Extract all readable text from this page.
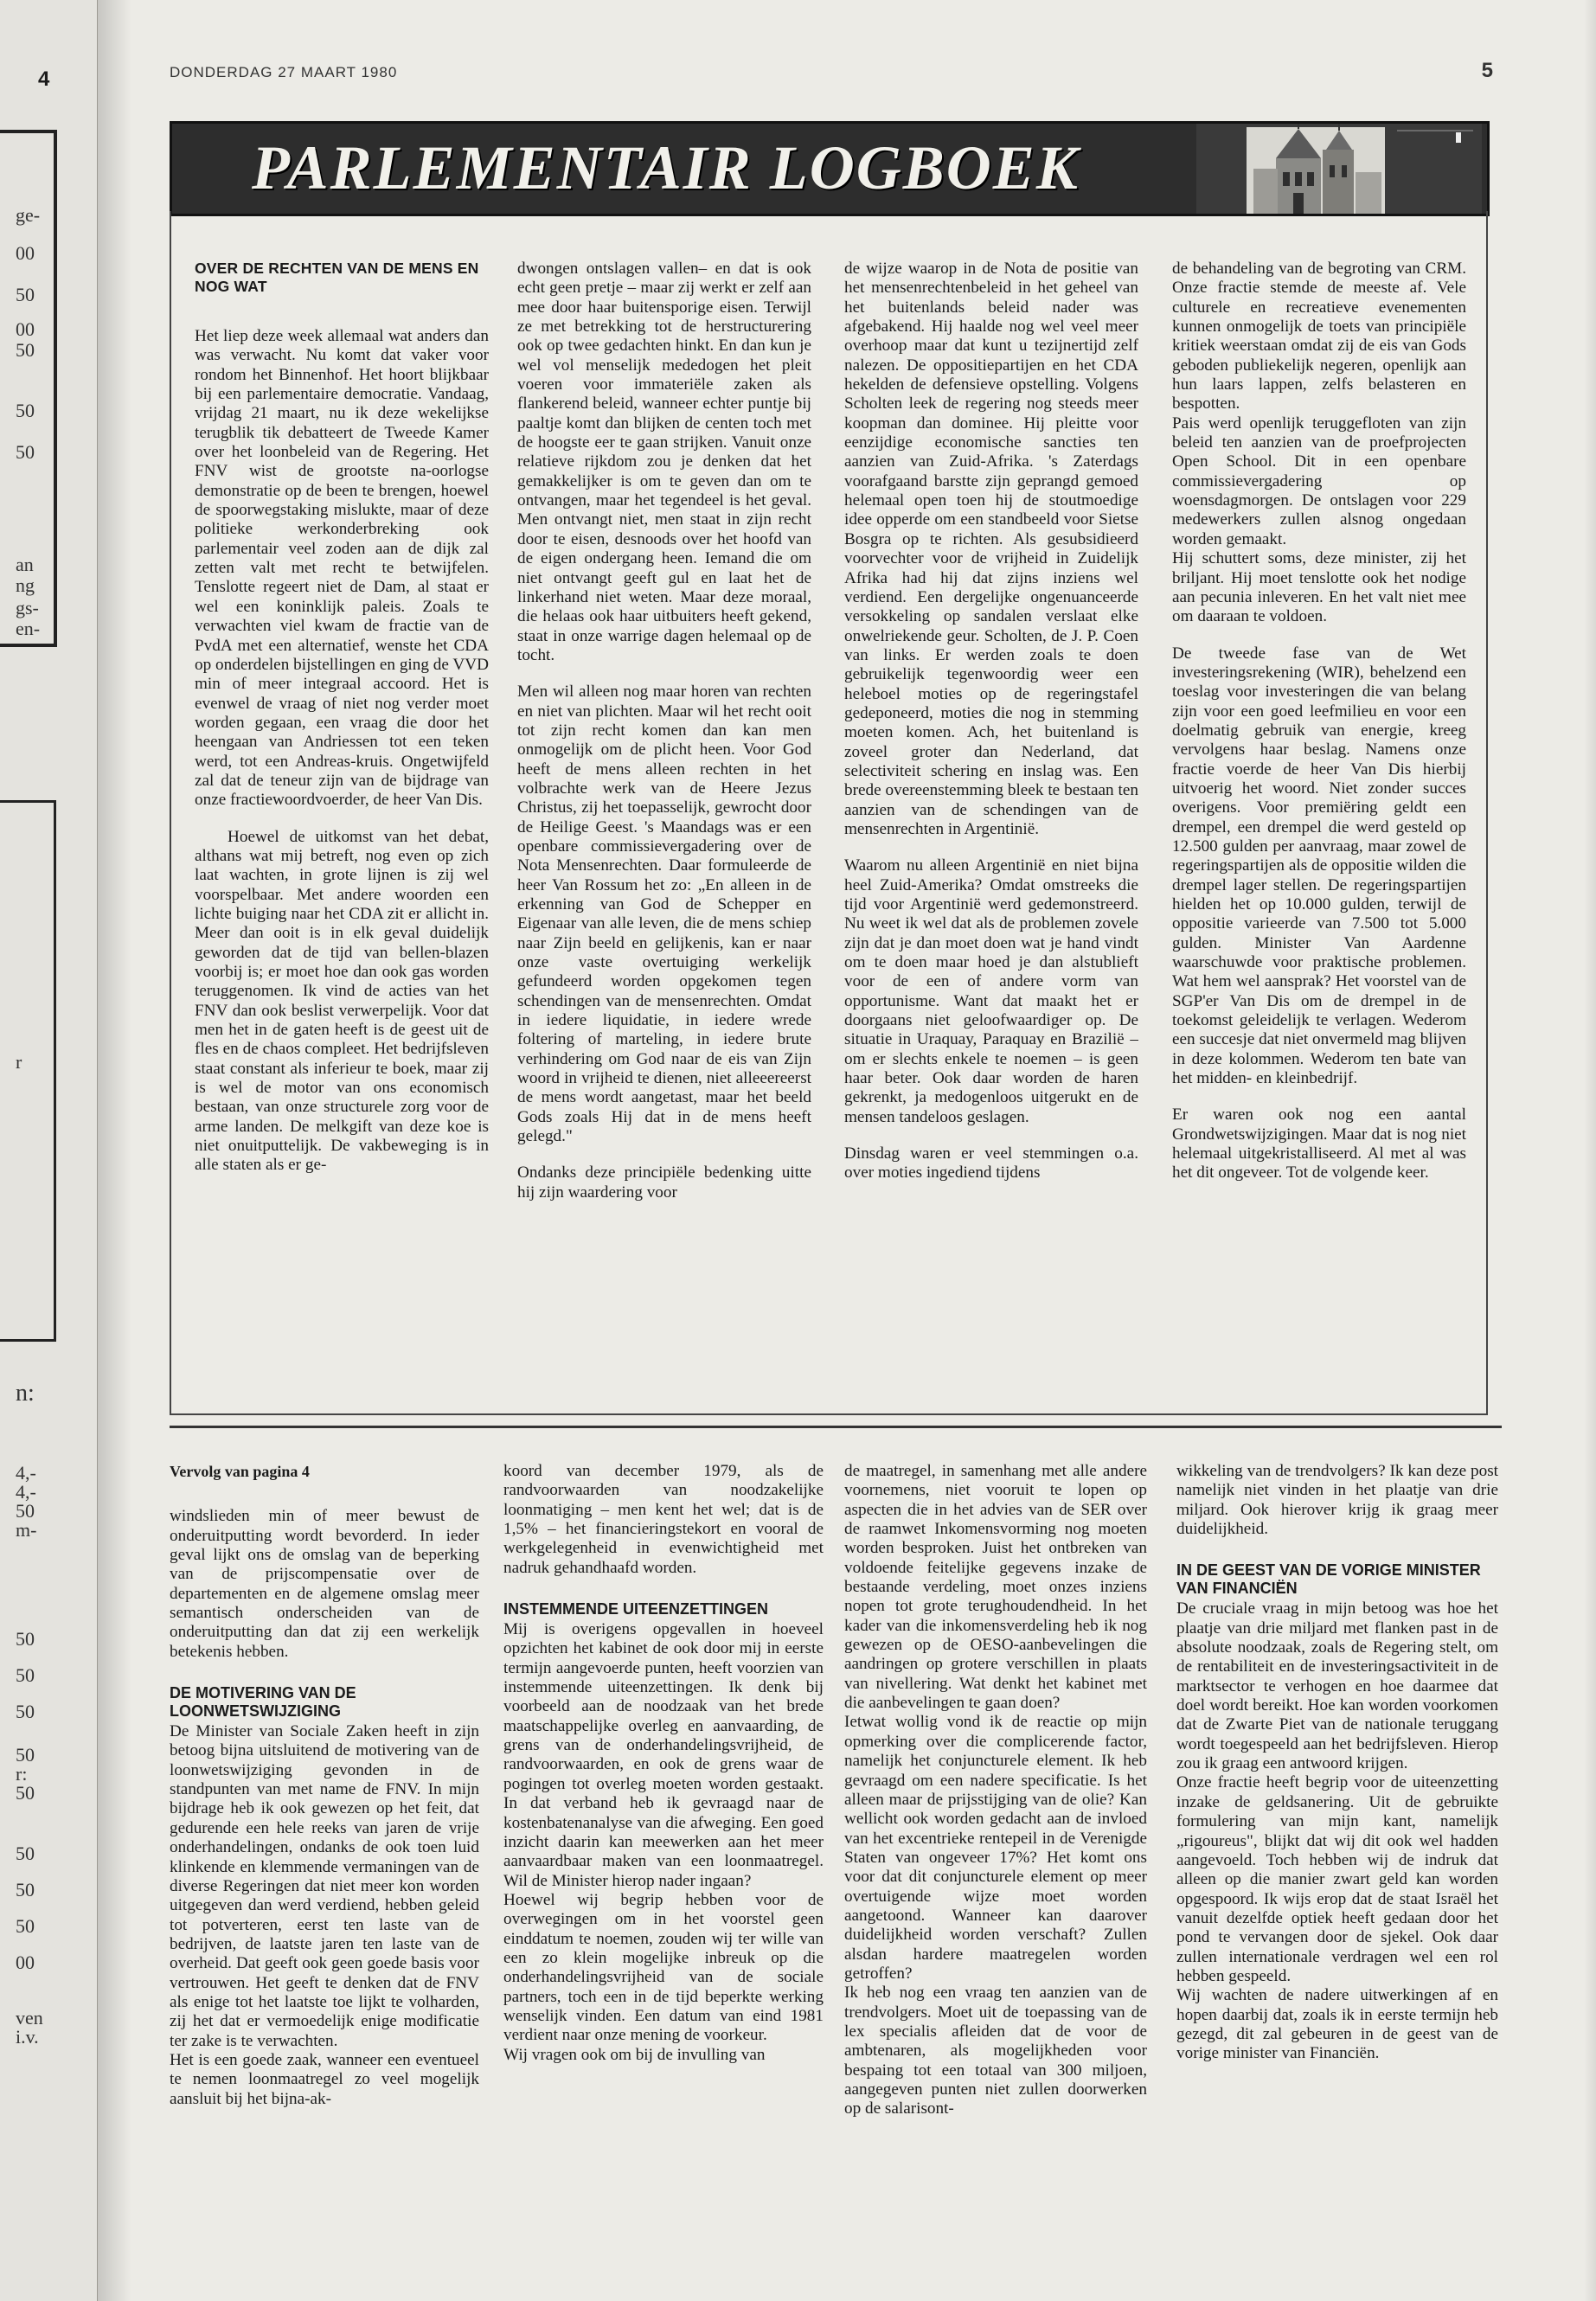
4
ge-
00
50
00
50
50
50
an
ng
gs-
en-
r
n:
4,-
4,-
50
m-
50
50
50
50
r:
50
50
50
50
00
ven
i.v.
DONDERDAG 27 MAART 1980	5
PARLEMENTAIR LOGBOEK
OVER DE RECHTEN VAN DE MENS EN NOG WAT

Het liep deze week allemaal wat anders dan was verwacht. Nu komt dat vaker voor rondom het Binnenhof. Het hoort blijkbaar bij een parlementaire democratie. Vandaag, vrijdag 21 maart, nu ik deze wekelijkse terugblik tik debatteert de Tweede Kamer over het loonbeleid van de Regering. Het FNV wist de grootste na-oorlogse demonstratie op de been te brengen, hoewel de spoorwegstaking mislukte, maar of deze politieke werkonderbreking ook parlementair veel zoden aan de dijk zal zetten valt met recht te betwijfelen. Tenslotte regeert niet de Dam, al staat er wel een koninklijk paleis. Zoals te verwachten viel kwam de fractie van de PvdA met een alternatief, wenste het CDA op onderdelen bijstellingen en ging de VVD min of meer integraal accoord. Het is evenwel de vraag of niet nog verder moet worden gegaan, een vraag die door het heengaan van Andriessen tot een teken werd, tot een Andreas-kruis. Ongetwijfeld zal dat de teneur zijn van de bijdrage van onze fractiewoordvoerder, de heer Van Dis.

Hoewel de uitkomst van het debat, althans wat mij betreft, nog even op zich laat wachten, in grote lijnen is zij wel voorspelbaar. Met andere woorden een lichte buiging naar het CDA zit er allicht in. Meer dan ooit is in elk geval duidelijk geworden dat de tijd van bellen-blazen voorbij is; er moet hoe dan ook gas worden teruggenomen. Ik vind de acties van het FNV dan ook beslist verwerpelijk. Voor dat men het in de gaten heeft is de geest uit de fles en de chaos compleet. Het bedrijfsleven staat constant als inferieur te boek, maar zij is wel de motor van ons economisch bestaan, van onze structurele zorg voor de arme landen. De melkgift van deze koe is niet onuitputtelijk. De vakbeweging is in alle staten als er ge-

dwongen ontslagen vallen– en dat is ook echt geen pretje – maar zij werkt er zelf aan mee door haar buitensporige eisen. Terwijl ze met betrekking tot de herstructurering ook op twee gedachten hinkt. En dan kun je wel vol menselijk mededogen het pleit voeren voor immateriële zaken als flankerend beleid, wanneer echter puntje bij paaltje komt dan blijken de centen toch met de hoogste eer te gaan strijken. Vanuit onze relatieve rijkdom zou je denken dat het gemakkelijker is om te geven dan om te ontvangen, maar het tegendeel is het geval. Men ontvangt niet, men staat in zijn recht door te eisen, desnoods over het hoofd van de eigen ondergang heen. Iemand die om niet ontvangt geeft gul en laat het de linkerhand niet weten. Maar deze moraal, die helaas ook haar uitbuiters heeft gekend, staat in onze warrige dagen helemaal op de tocht.

Men wil alleen nog maar horen van rechten en niet van plichten. Maar wil het recht ooit tot zijn recht komen dan kan men onmogelijk om de plicht heen. Voor God heeft de mens alleen rechten in het volbrachte werk van de Heere Jezus Christus, zij het toepasselijk, gewrocht door de Heilige Geest. 's Maandags was er een openbare commissievergadering over de Nota Mensenrechten. Daar formuleerde de heer Van Rossum het zo: „En alleen in de erkenning van God de Schepper en Eigenaar van alle leven, die de mens schiep naar Zijn beeld en gelijkenis, kan er naar onze vaste overtuiging werkelijk gefundeerd worden opgekomen tegen schendingen van de mensenrechten. Omdat in iedere liquidatie, in iedere wrede foltering of marteling, in iedere brute verhindering om God naar de eis van Zijn woord in vrijheid te dienen, niet alleeereerst de mens wordt aangetast, maar het beeld Gods zoals Hij dat in de mens heeft gelegd."

Ondanks deze principiële bedenking uitte hij zijn waardering voor

de wijze waarop in de Nota de positie van het mensenrechtenbeleid in het geheel van het buitenlands beleid nader was afgebakend. Hij haalde nog wel veel meer overhoop maar dat kunt u tezijnertijd zelf nalezen. De oppositiepartijen en het CDA hekelden de defensieve opstelling. Volgens Scholten leek de regering nog steeds meer koopman dan dominee. Hij pleitte voor eenzijdige economische sancties ten aanzien van Zuid-Afrika. 's Zaterdags voorafgaand barstte zijn geprangd gemoed helemaal open toen hij de stoutmoedige idee opperde om een standbeeld voor Sietse Bosgra op te richten. Als gesubsidieerd voorvechter voor de vrijheid in Zuidelijk Afrika had hij dat zijns inziens wel verdiend. Een dergelijke ongenuanceerde versokkeling op sandalen verslaat elke onwelriekende geur. Scholten, de J. P. Coen van links. Er werden zoals te doen gebruikelijk tegenwoordig weer een heleboel moties op de regeringstafel gedeponeerd, moties die nog in stemming moeten komen. Ach, het buitenland is zoveel groter dan Nederland, dat selectiviteit schering en inslag was. Een brede overeenstemming bleek te bestaan ten aanzien van de schendingen van de mensenrechten in Argentinië.

Waarom nu alleen Argentinië en niet bijna heel Zuid-Amerika? Omdat omstreeks die tijd voor Argentinië werd gedemonstreerd. Nu weet ik wel dat als de problemen zovele zijn dat je dan moet doen wat je hand vindt om te doen maar hoed je dan alstublieft voor de een of andere vorm van opportunisme. Want dat maakt het er doorgaans niet geloofwaardiger op. De situatie in Uraquay, Paraquay en Brazilië – om er slechts enkele te noemen – is geen haar beter. Ook daar worden de haren gekrenkt, ja medogenloos uitgerukt en de mensen tandeloos geslagen.

Dinsdag waren er veel stemmingen o.a. over moties ingediend tijdens

de behandeling van de begroting van CRM. Onze fractie stemde de meeste af. Vele culturele en recreatieve evenementen kunnen onmogelijk de toets van principiële kritiek weerstaan omdat zij de eis van Gods geboden publiekelijk negeren, openlijk aan hun laars lappen, zelfs belasteren en bespotten.

Pais werd openlijk teruggefloten van zijn beleid ten aanzien van de proefprojecten Open School. Dit in een openbare commissievergadering op woensdagmorgen. De ontslagen voor 229 medewerkers zullen alsnog ongedaan worden gemaakt.

Hij schuttert soms, deze minister, zij het briljant. Hij moet tenslotte ook het nodige aan pecunia inleveren. En het valt niet mee om daaraan te voldoen.

De tweede fase van de Wet investeringsrekening (WIR), behelzend een toeslag voor investeringen die van belang zijn voor een goed leefmilieu en voor een doelmatig gebruik van energie, kreeg vervolgens haar beslag. Namens onze fractie voerde de heer Van Dis hierbij uitvoerig het woord. Niet zonder succes overigens. Voor premiëring geldt een drempel, een drempel die werd gesteld op 12.500 gulden per aanvraag, maar zowel de regeringspartijen als de oppositie wilden die drempel lager stellen. De regeringspartijen hielden het op 10.000 gulden, terwijl de oppositie varieerde van 7.500 tot 5.000 gulden. Minister Van Aardenne waarschuwde voor praktische problemen. Wat hem wel aansprak? Het voorstel van de SGP'er Van Dis om de drempel in de toekomst geleidelijk te verlagen. Wederom een succesje dat niet onvermeld mag blijven in deze kolommen. Wederom ten bate van het midden- en kleinbedrijf.

Er waren ook nog een aantal Grondwetswijzigingen. Maar dat is nog niet helemaal uitgekristalliseerd. Al met al was het dit ongeveer. Tot de volgende keer.

Vervolg van pagina 4

windslieden min of meer bewust de onderuitputting wordt bevorderd. In ieder geval lijkt ons de omslag van de beperking van de prijscompensatie over de departementen en de algemene omslag meer semantisch onderscheiden van de onderuitputting dan dat zij een werkelijk betekenis hebben.

DE MOTIVERING VAN DE LOONWETSWIJZIGING

De Minister van Sociale Zaken heeft in zijn betoog bijna uitsluitend de motivering van de loonwetswijziging gevonden in de standpunten van met name de FNV. In mijn bijdrage heb ik ook gewezen op het feit, dat gedurende een hele reeks van jaren de vrije onderhandelingen, ondanks de ook toen luid klinkende en klemmende vermaningen van de diverse Regeringen dat niet meer kon worden uitgegeven dan werd verdiend, hebben geleid tot potverteren, eerst ten laste van de bedrijven, de laatste jaren ten laste van de overheid. Dat geeft ook geen goede basis voor vertrouwen. Het geeft te denken dat de FNV als enige tot het laatste toe lijkt te volharden, zij het dat er vermoedelijk enige modificatie ter zake is te verwachten.

Het is een goede zaak, wanneer een eventueel te nemen loonmaatregel zo veel mogelijk aansluit bij het bijna-ak-

koord van december 1979, als de randvoorwaarden van noodzakelijke loonmatiging – men kent het wel; dat is de 1,5% – het financieringstekort en vooral de werkgelegenheid in evenwichtigheid met nadruk gehandhaafd worden.

INSTEMMENDE UITEENZETTINGEN

Mij is overigens opgevallen in hoeveel opzichten het kabinet de ook door mij in eerste termijn aangevoerde punten, heeft voorzien van instemmende uiteenzettingen. Ik denk bij voorbeeld aan de noodzaak van het brede maatschappelijke overleg en aanvaarding, de grens van de onderhandelingsvrijheid, de randvoorwaarden, en ook de grens waar de pogingen tot overleg moeten worden gestaakt. In dat verband heb ik gevraagd naar de kostenbatenanalyse van die afweging. Een goed inzicht daarin kan meewerken aan het meer aanvaardbaar maken van een loonmaatregel. Wil de Minister hierop nader ingaan?

Hoewel wij begrip hebben voor de overwegingen om in het voorstel geen einddatum te noemen, zouden wij ter wille van een zo klein mogelijke inbreuk op die onderhandelingsvrijheid van de sociale partners, toch een in de tijd beperkte werking wenselijk vinden. Een datum van eind 1981 verdient naar onze mening de voorkeur.

Wij vragen ook om bij de invulling van

de maatregel, in samenhang met alle andere voornemens, niet vooruit te lopen op aspecten die in het advies van de SER over de raamwet Inkomensvorming nog moeten worden besproken. Juist het ontbreken van voldoende feitelijke gegevens inzake de bestaande verdeling, moet onzes inziens nopen tot grote terughoudendheid. In het kader van die inkomensverdeling heb ik nog gewezen op de OESO-aanbevelingen die aandringen op grotere verschillen in plaats van nivellering. Wat denkt het kabinet met die aanbevelingen te gaan doen?

Ietwat wollig vond ik de reactie op mijn opmerking over die complicerende factor, namelijk het conjuncturele element. Ik heb gevraagd om een nadere specificatie. Is het alleen maar de prijsstijging van de olie? Kan wellicht ook worden gedacht aan de invloed van het excentrieke rentepeil in de Verenigde Staten van ongeveer 17%? Het komt ons voor dat dit conjuncturele element op meer overtuigende wijze moet worden aangetoond. Wanneer kan daarover duidelijkheid worden verschaft? Zullen alsdan hardere maatregelen worden getroffen?

Ik heb nog een vraag ten aanzien van de trendvolgers. Moet uit de toepassing van de lex specialis afleiden dat de voor de ambtenaren, als mogelijkheden voor bespaing tot een totaal van 300 miljoen, aangegeven punten niet zullen doorwerken op de salarisont-

wikkeling van de trendvolgers? Ik kan deze post namelijk niet vinden in het plaatje van drie miljard. Ook hierover krijg ik graag meer duidelijkheid.

IN DE GEEST VAN DE VORIGE MINISTER VAN FINANCIËN

De cruciale vraag in mijn betoog was hoe het plaatje van drie miljard met flanken past in de absolute noodzaak, zoals de Regering stelt, om de rentabiliteit en de investeringsactiviteit in de marktsector te verhogen en hoe daarmee dat doel wordt bereikt. Hoe kan worden voorkomen dat de Zwarte Piet van de nationale teruggang wordt toegespeeld aan het bedrijfsleven. Hierop zou ik graag een antwoord krijgen.

Onze fractie heeft begrip voor de uiteenzetting inzake de geldsanering. Uit de gebruikte formulering van mijn kant, namelijk „rigoureus", blijkt dat wij dit ook wel hadden aangevoeld. Toch hebben wij de indruk dat alleen op die manier zwart geld kan worden opgespoord. Ik wijs erop dat de staat Israël het vanuit dezelfde optiek heeft gedaan door het pond te vervangen door de sjekel. Ook daar zullen internationale verdragen wel een rol hebben gespeeld.

Wij wachten de nadere uitwerkingen af en hopen daarbij dat, zoals ik in eerste termijn heb gezegd, dit zal gebeuren in de geest van de vorige minister van Financiën.
